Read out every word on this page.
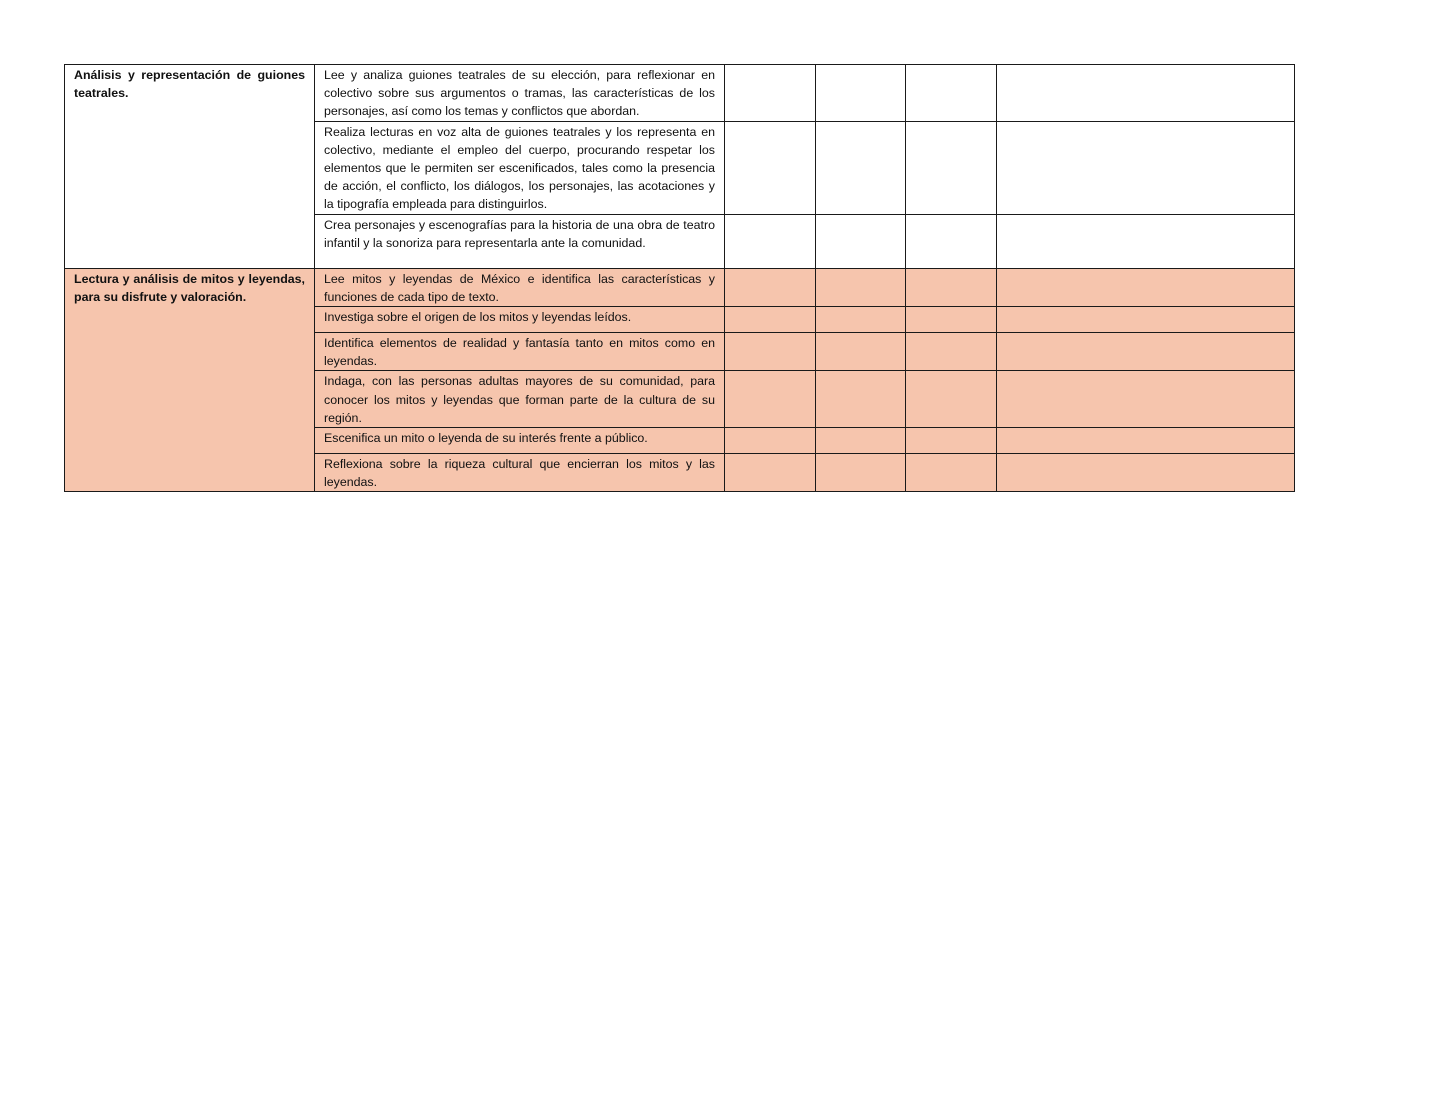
Análisis y representación de guiones teatrales.	Lee y analiza guiones teatrales de su elección, para reflexionar en colectivo sobre sus argumentos o tramas, las características de los personajes, así como los temas y conflictos que abordan.				
	Realiza lecturas en voz alta de guiones teatrales y los representa en colectivo, mediante el empleo del cuerpo, procurando respetar los elementos que le permiten ser escenificados, tales como la presencia de acción, el conflicto, los diálogos, los personajes, las acotaciones y la tipografía empleada para distinguirlos.				
	Crea personajes y escenografías para la historia de una obra de teatro infantil y la sonoriza para representarla ante la comunidad.				
Lectura y análisis de mitos y leyendas, para su disfrute y valoración.	Lee mitos y leyendas de México e identifica las características y funciones de cada tipo de texto.				
	Investiga sobre el origen de los mitos y leyendas leídos.				
	Identifica elementos de realidad y fantasía tanto en mitos como en leyendas.				
	Indaga, con las personas adultas mayores de su comunidad, para conocer los mitos y leyendas que forman parte de la cultura de su región.				
	Escenifica un mito o leyenda de su interés frente a público.				
	Reflexiona sobre la riqueza cultural que encierran los mitos y las leyendas.				
